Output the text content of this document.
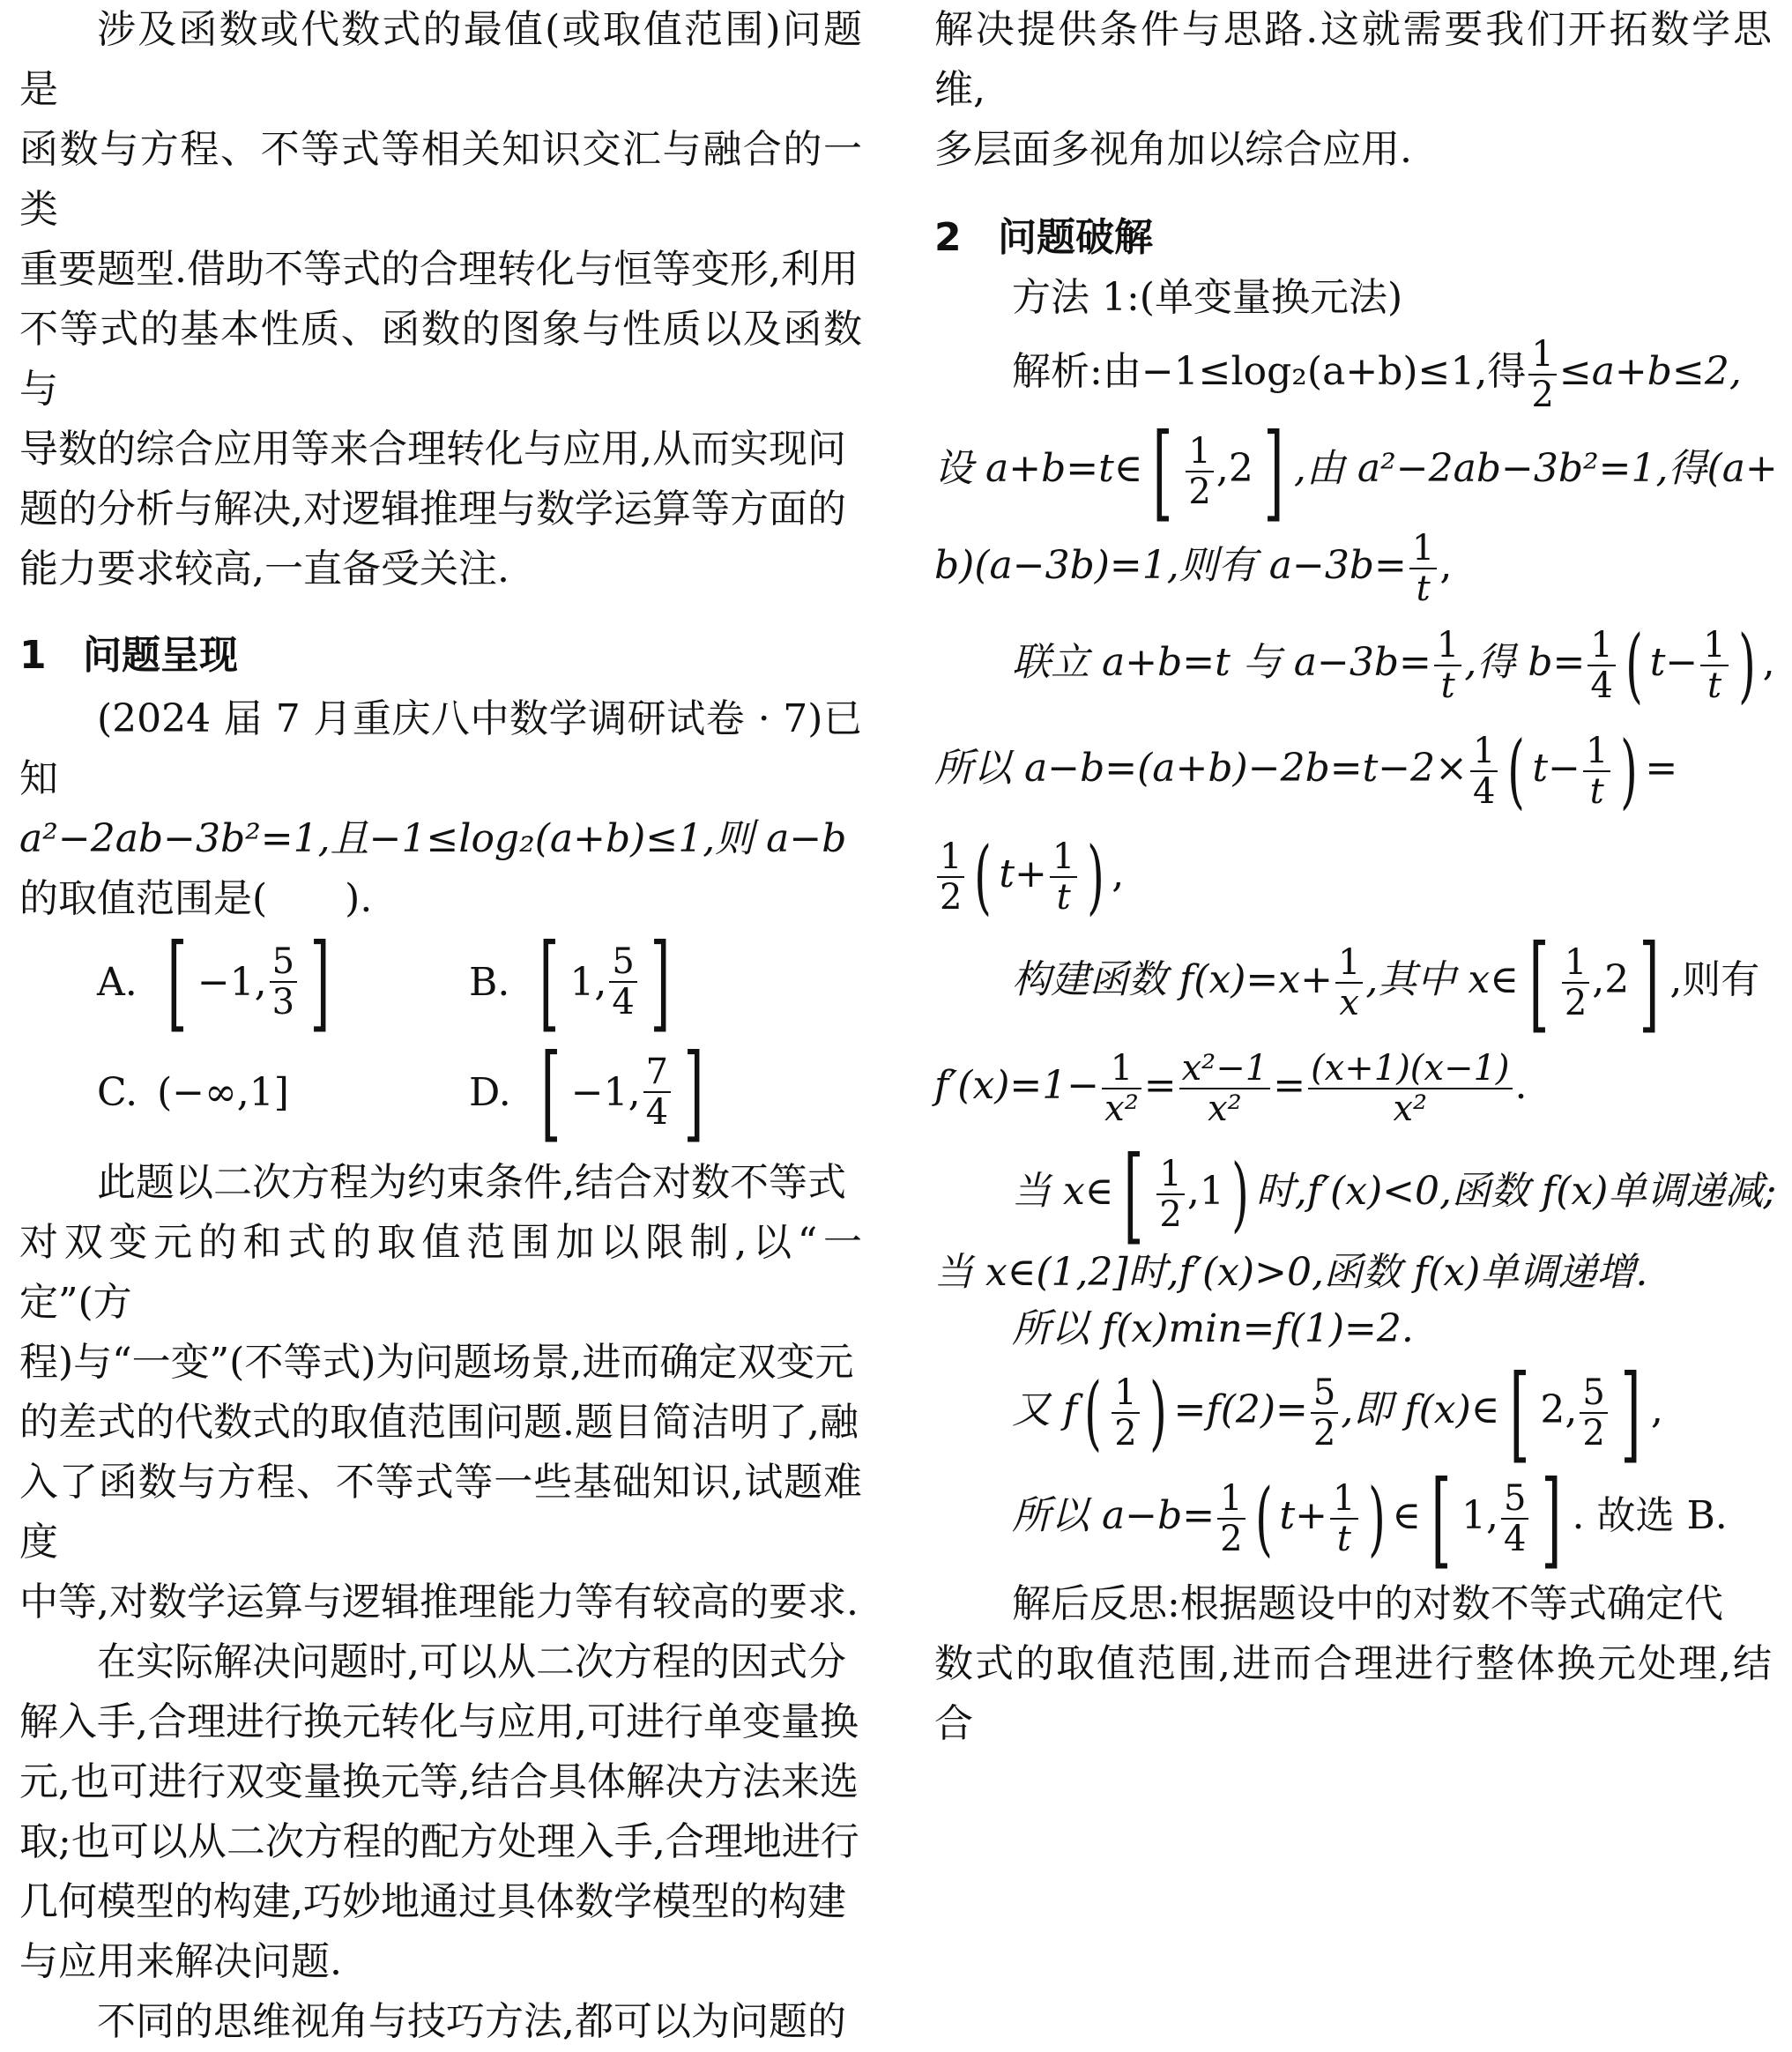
涉及函数或代数式的最值(或取值范围)问题是
函数与方程、不等式等相关知识交汇与融合的一类
重要题型.借助不等式的合理转化与恒等变形,利用
不等式的基本性质、函数的图象与性质以及函数与
导数的综合应用等来合理转化与应用,从而实现问
题的分析与解决,对逻辑推理与数学运算等方面的
能力要求较高,一直备受关注.
1 问题呈现
(2024 届 7 月重庆八中数学调研试卷 · 7)已知
a²−2ab−3b²=1,且−1≤log₂(a+b)≤1,则 a−b
的取值范围是(　　).
A. [ −1, $\frac{5}{3}$ ]	B. [ 1, $\frac{5}{4}$ ]
C. (−∞,1]	D. [ −1, $\frac{7}{4}$ ]
此题以二次方程为约束条件,结合对数不等式
对双变元的和式的取值范围加以限制,以“一定”(方
程)与“一变”(不等式)为问题场景,进而确定双变元
的差式的代数式的取值范围问题.题目简洁明了,融
入了函数与方程、不等式等一些基础知识,试题难度
中等,对数学运算与逻辑推理能力等有较高的要求.
在实际解决问题时,可以从二次方程的因式分
解入手,合理进行换元转化与应用,可进行单变量换
元,也可进行双变量换元等,结合具体解决方法来选
取;也可以从二次方程的配方处理入手,合理地进行
几何模型的构建,巧妙地通过具体数学模型的构建
与应用来解决问题.
不同的思维视角与技巧方法,都可以为问题的
解决提供条件与思路.这就需要我们开拓数学思维,
多层面多视角加以综合应用.
2 问题破解
方法 1:(单变量换元法)
解析:由−1≤log₂(a+b)≤1,得 $\frac{1}{2} \le a+b\le 2$,
设 a+b=t∈[ $\frac{1}{2} ,2$] ,由 a²−2ab−3b²=1,得(a+
b)(a−3b)=1,则有 $a-3b= \frac{1}{t}$ ,
联立 a+b=t 与 $a-3b= \frac{1}{t}$ ,得 $b= \frac{1}{4}$ ( $t- \frac{1}{t}$ ) ,
所以 $a-b=(a+b)-2b=t-2\times \frac{1}{4}$ ( $t- \frac{1}{t}$ ) =
$\frac{1}{2}$ ( $t+ \frac{1}{t}$ ) ,
构建函数 $f(x)=x+ \frac{1}{x}$ ,其中 x∈[ $\frac{1}{2} ,2$] ,则有
$f'(x)=1- \frac{1}{\text{x²}} = \frac{\text{x²−1}}{\text{x²}} = \frac{(x+1)(x-1)}{\text{x²}}$ .
当 x∈[ $\frac{1}{2} ,1$) 时,f′(x)<0,函数 f(x)单调递减;
当 x∈(1,2]时,f′(x)>0,函数 f(x)单调递增.
所以 f(x)min=f(1)=2.
又 $f( \frac{1}{2}$ ) $=f(2)= \frac{5}{2}$ ,即 f(x)∈[ 2, $\frac{5}{2}$ ] ,
所以 $a-b= \frac{1}{2}$ ( $t+ \frac{1}{t}$ ) ∈[ 1, $\frac{5}{4}$ ] . 故选 B.
解后反思:根据题设中的对数不等式确定代
数式的取值范围,进而合理进行整体换元处理,结合
